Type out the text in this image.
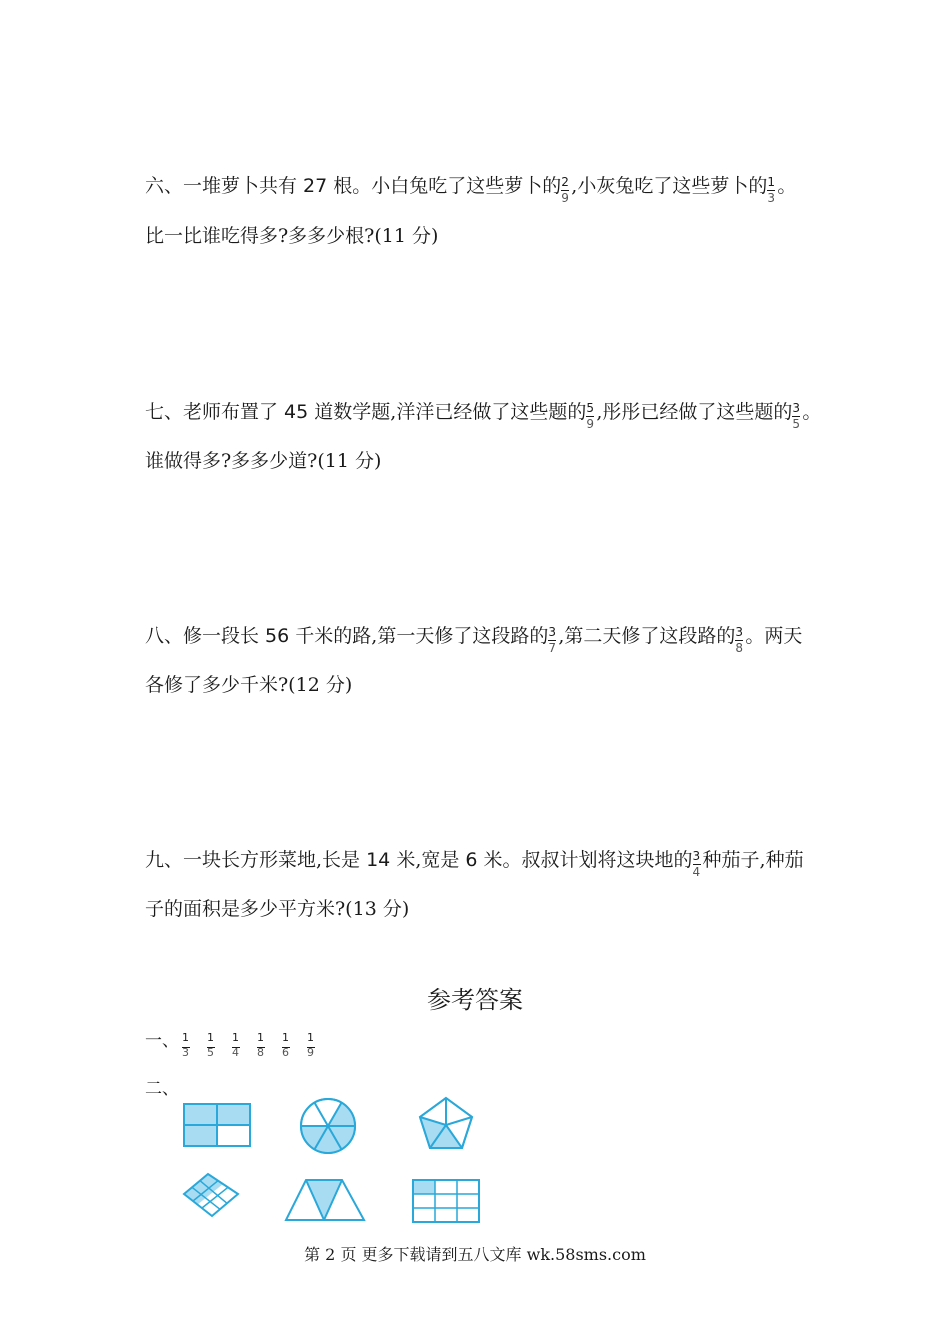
六、一堆萝卜共有 27 根。小白兔吃了这些萝卜的 $\frac{2}{9}$ ,小灰兔吃了这些萝卜的 $\frac{1}{3}$ 。
比一比谁吃得多?多多少根?(11 分)
七、老师布置了 45 道数学题,洋洋已经做了这些题的 $\frac{5}{9}$ ,彤彤已经做了这些题的 $\frac{3}{5}$ 。
谁做得多?多多少道?(11 分)
八、修一段长 56 千米的路,第一天修了这段路的 $\frac{3}{7}$ ,第二天修了这段路的 $\frac{3}{8}$ 。两天
各修了多少千米?(12 分)
九、一块长方形菜地,长是 14 米,宽是 6 米。叔叔计划将这块地的 $\frac{3}{4}$ 种茄子,种茄
子的面积是多少平方米?(13 分)
参考答案
一、 1
3
1
5
1
4
1
8
1
6
1
9
二、
第 2 页 更多下载请到五八文库 wk.58sms.com
